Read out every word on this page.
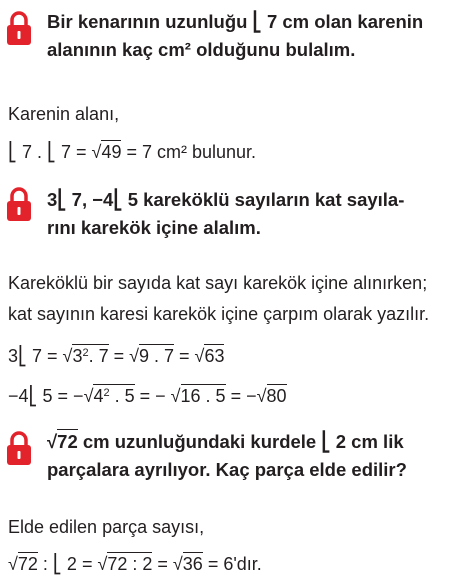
Bir kenarının uzunluğu ⎣ 7 cm olan karenin
alanının kaç cm² olduğunu bulalım.
Karenin alanı,
⎣ 7 . ⎣ 7 = √49 = 7 cm² bulunur.
3⎣ 7, −4⎣ 5 kareköklü sayıların kat sayıla-
rını karekök içine alalım.
Kareköklü bir sayıda kat sayı karekök içine alınırken;
kat sayının karesi karekök içine çarpım olarak yazılır.
3⎣ $7 = √3^2$. 7 = √9 . 7 = √63
−4⎣ $5 = -√4^2$ . 5 = − √16 . 5 = −√80
√72 cm uzunluğundaki kurdele ⎣ 2 cm lik
parçalara ayrılıyor. Kaç parça elde edilir?
Elde edilen parça sayısı,
√72 : ⎣ 2 = √72 : 2 = √36 = 6'dır.
